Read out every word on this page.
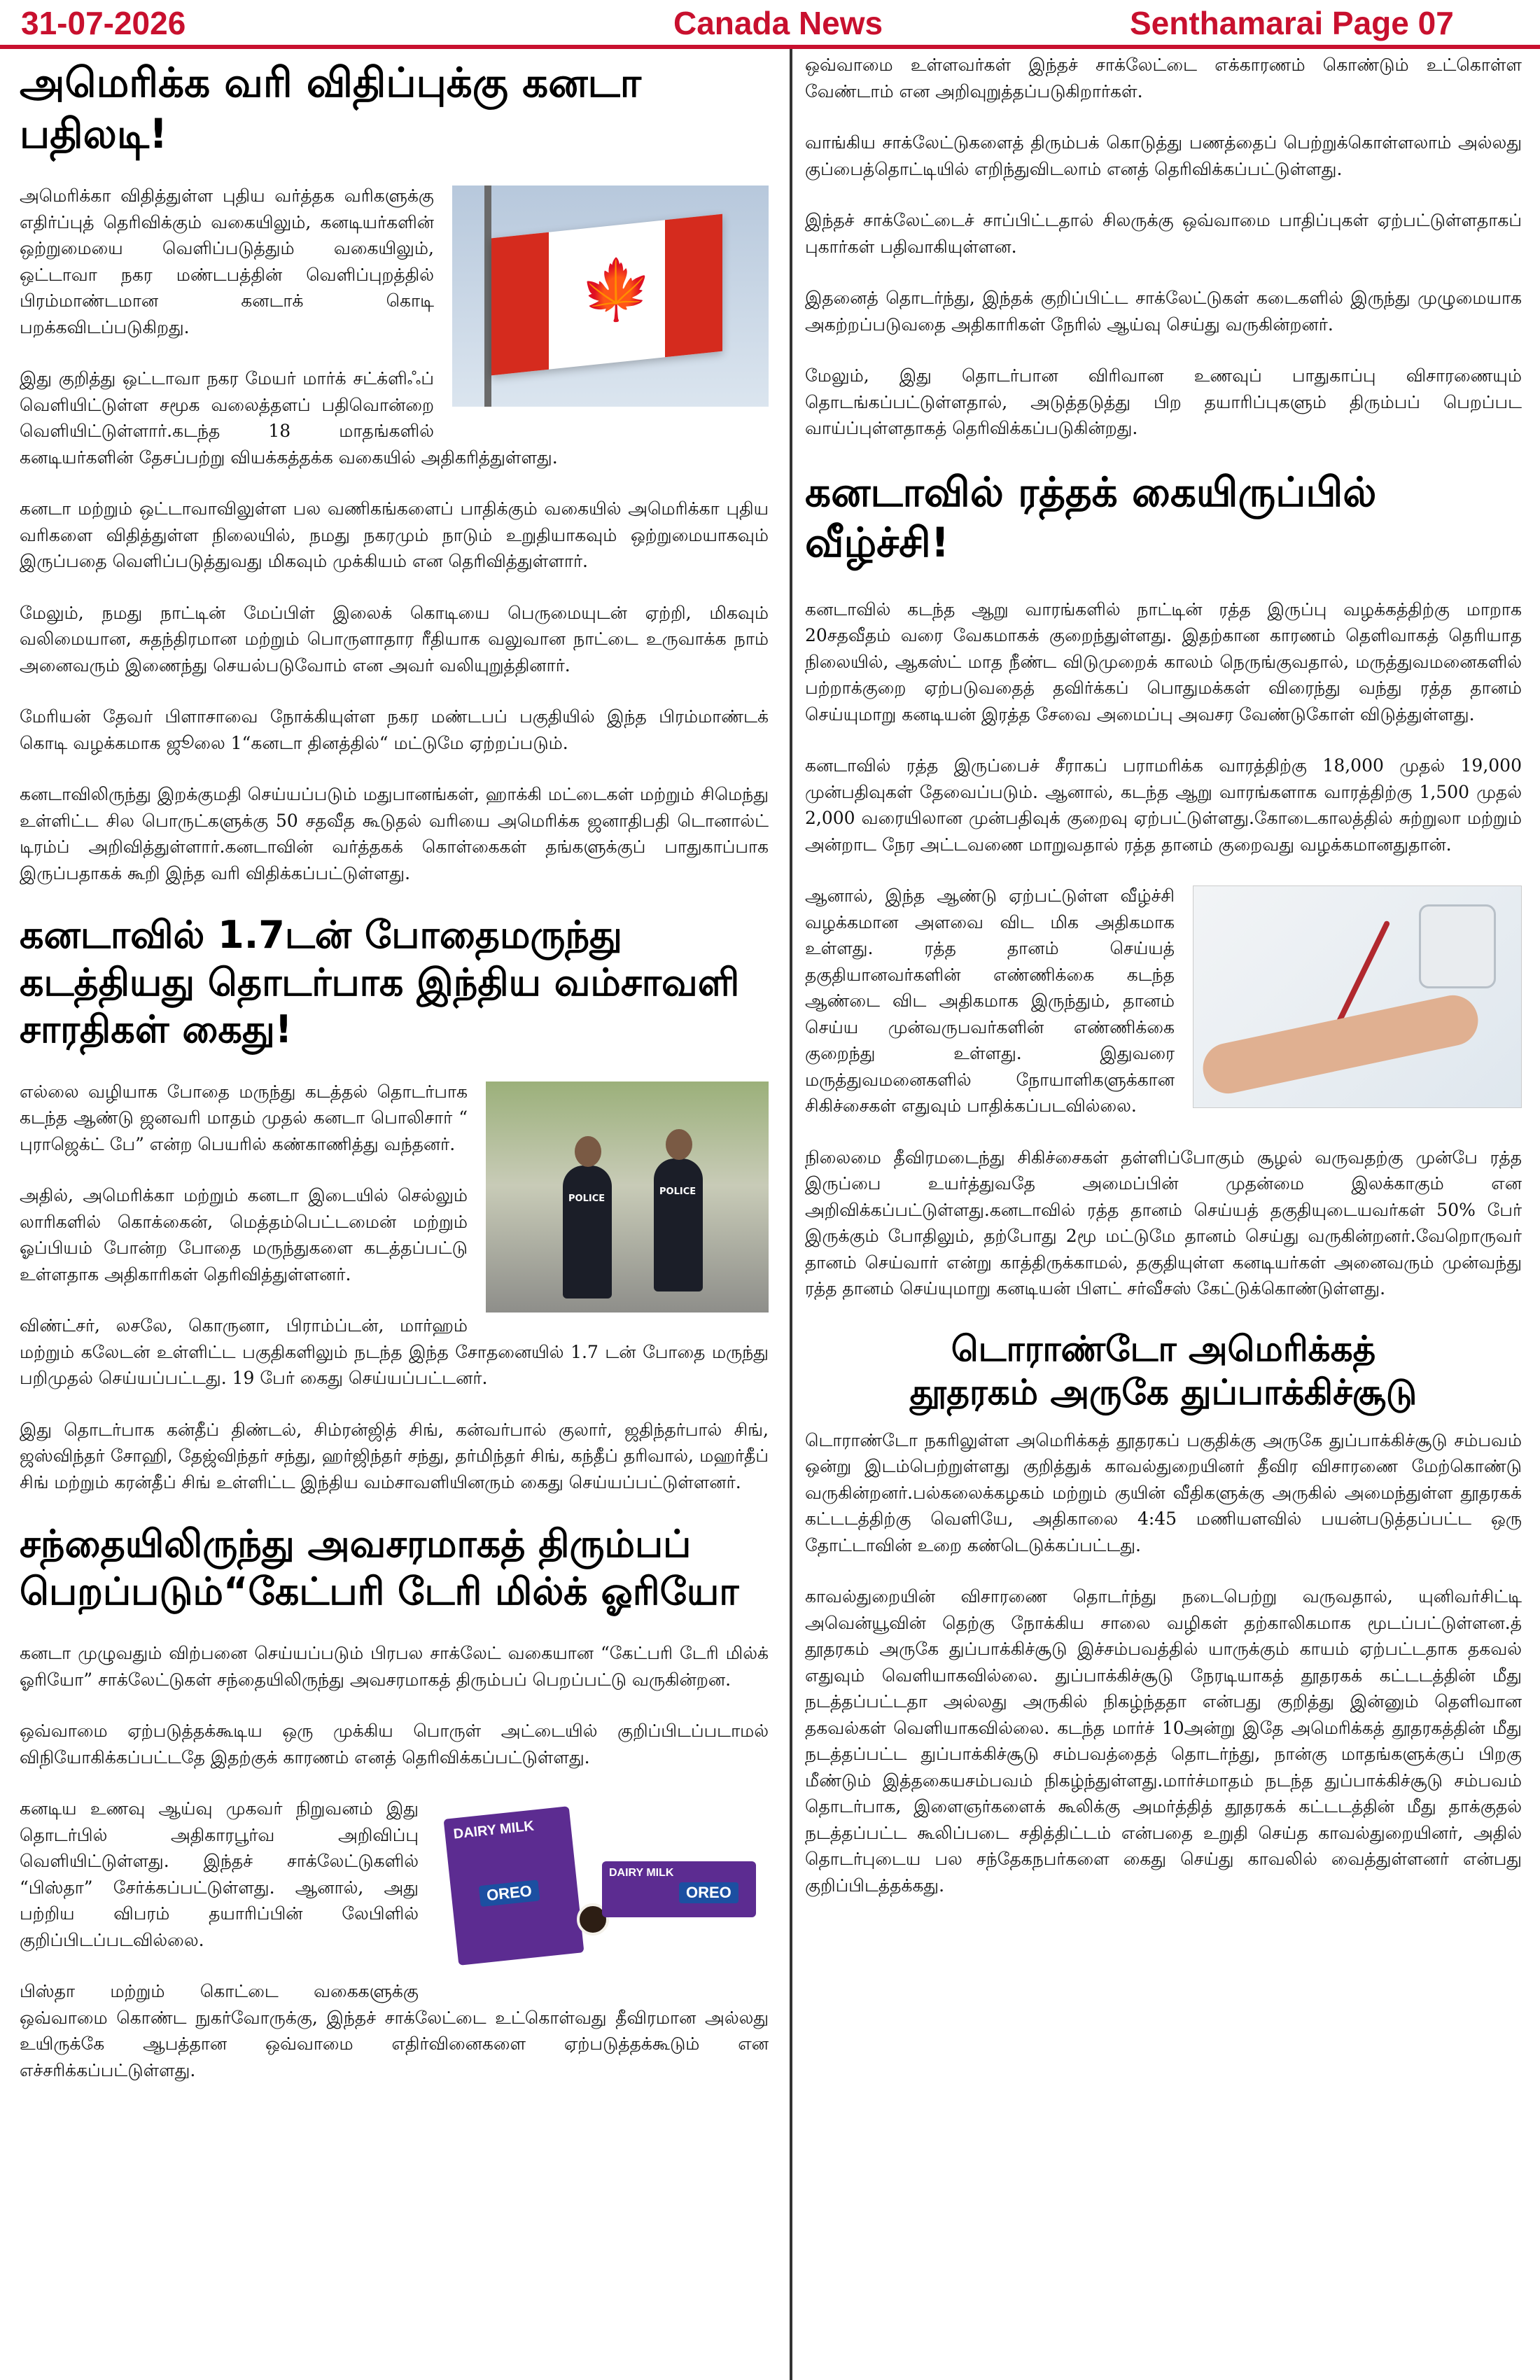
31-07-2026	Canada News	Senthamarai Page 07
அமெரிக்க வரி விதிப்புக்கு கனடா பதிலடி!
🍁

அமெரிக்கா விதித்துள்ள புதிய வர்த்தக வரிகளுக்கு எதிர்ப்புத் தெரிவிக்கும் வகையிலும், கனடியர்களின் ஒற்றுமையை வெளிப்படுத்தும் வகையிலும், ஒட்டாவா நகர மண்டபத்தின் வெளிப்புறத்தில் பிரம்மாண்டமான கனடாக் கொடி பறக்கவிடப்படுகிறது.

இது குறித்து ஒட்டாவா நகர மேயர் மார்க் சட்க்ளிஃப் வெளியிட்டுள்ள சமூக வலைத்தளப் பதிவொன்றை வெளியிட்டுள்ளார்.கடந்த 18 மாதங்களில் கனடியர்களின் தேசப்பற்று வியக்கத்தக்க வகையில் அதிகரித்துள்ளது.

கனடா மற்றும் ஒட்டாவாவிலுள்ள பல வணிகங்களைப் பாதிக்கும் வகையில் அமெரிக்கா புதிய வரிகளை விதித்துள்ள நிலையில், நமது நகரமும் நாடும் உறுதியாகவும் ஒற்றுமையாகவும் இருப்பதை வெளிப்படுத்துவது மிகவும் முக்கியம் என தெரிவித்துள்ளார்.

மேலும், நமது நாட்டின் மேப்பிள் இலைக் கொடியை பெருமையுடன் ஏற்றி, மிகவும் வலிமையான, சுதந்திரமான மற்றும் பொருளாதார ரீதியாக வலுவான நாட்டை உருவாக்க நாம் அனைவரும் இணைந்து செயல்படுவோம் என அவர் வலியுறுத்தினார்.

மேரியன் தேவர் பிளாசாவை நோக்கியுள்ள நகர மண்டபப் பகுதியில் இந்த பிரம்மாண்டக் கொடி வழக்கமாக ஜூலை 1“கனடா தினத்தில்“ மட்டுமே ஏற்றப்படும்.

கனடாவிலிருந்து இறக்குமதி செய்யப்படும் மதுபானங்கள், ஹாக்கி மட்டைகள் மற்றும் சிமெந்து உள்ளிட்ட சில பொருட்களுக்கு 50 சதவீத கூடுதல் வரியை அமெரிக்க ஜனாதிபதி டொனால்ட் டிரம்ப் அறிவித்துள்ளார்.கனடாவின் வர்த்தகக் கொள்கைகள் தங்களுக்குப் பாதுகாப்பாக இருப்பதாகக் கூறி இந்த வரி விதிக்கப்பட்டுள்ளது.

கனடாவில் 1.7டன் போதைமருந்து கடத்தியது தொடர்பாக இந்திய வம்சாவளி சாரதிகள் கைது!
POLICE
POLICE

எல்லை வழியாக போதை மருந்து கடத்தல் தொடர்பாக கடந்த ஆண்டு ஜனவரி மாதம் முதல் கனடா பொலிசார் “ புராஜெக்ட் பே” என்ற பெயரில் கண்காணித்து வந்தனர்.

அதில், அமெரிக்கா மற்றும் கனடா இடையில் செல்லும் லாரிகளில் கொக்கைன், மெத்தம்பெட்டமைன் மற்றும் ஓப்பியம் போன்ற போதை மருந்துகளை கடத்தப்பட்டு உள்ளதாக அதிகாரிகள் தெரிவித்துள்ளனர்.

விண்ட்சர், லசலே, கொருனா, பிராம்ப்டன், மார்ஹம் மற்றும் கலேடன் உள்ளிட்ட பகுதிகளிலும் நடந்த இந்த சோதனையில் 1.7 டன் போதை மருந்து பறிமுதல் செய்யப்பட்டது. 19 பேர் கைது செய்யப்பட்டனர்.

இது தொடர்பாக கன்தீப் திண்டல், சிம்ரன்ஜித் சிங், கன்வர்பால் குலார், ஜதிந்தர்பால் சிங், ஜஸ்விந்தர் சோஹி, தேஜ்விந்தர் சந்து, ஹர்ஜிந்தர் சந்து, தர்மிந்தர் சிங், கந்தீப் தரிவால், மஹர்தீப் சிங் மற்றும் கரன்தீப் சிங் உள்ளிட்ட இந்திய வம்சாவளியினரும் கைது செய்யப்பட்டுள்ளனர்.

சந்தையிலிருந்து அவசரமாகத் திரும்பப் பெறப்படும்“கேட்பரி டேரி மில்க் ஓரியோ

கனடா முழுவதும் விற்பனை செய்யப்படும் பிரபல சாக்லேட் வகையான “கேட்பரி டேரி மில்க் ஓரியோ” சாக்லேட்டுகள் சந்தையிலிருந்து அவசரமாகத் திரும்பப் பெறப்பட்டு வருகின்றன.

ஒவ்வாமை ஏற்படுத்தக்கூடிய ஒரு முக்கிய பொருள் அட்டையில் குறிப்பிடப்படாமல் விநியோகிக்கப்பட்டதே இதற்குக் காரணம் எனத் தெரிவிக்கப்பட்டுள்ளது.

DAIRY MILK
OREO
DAIRY MILK
OREO

கனடிய உணவு ஆய்வு முகவர் நிறுவனம் இது தொடர்பில் அதிகாரபூர்வ அறிவிப்பு வெளியிட்டுள்ளது. இந்தச் சாக்லேட்டுகளில் “பிஸ்தா” சேர்க்கப்பட்டுள்ளது. ஆனால், அது பற்றிய விபரம் தயாரிப்பின் லேபிளில் குறிப்பிடப்படவில்லை.

பிஸ்தா மற்றும் கொட்டை வகைகளுக்கு ஒவ்வாமை கொண்ட நுகர்வோருக்கு, இந்தச் சாக்லேட்டை உட்கொள்வது தீவிரமான அல்லது உயிருக்கே ஆபத்தான ஒவ்வாமை எதிர்வினைகளை ஏற்படுத்தக்கூடும் என எச்சரிக்கப்பட்டுள்ளது.

ஒவ்வாமை உள்ளவர்கள் இந்தச் சாக்லேட்டை எக்காரணம் கொண்டும் உட்கொள்ள வேண்டாம் என அறிவுறுத்தப்படுகிறார்கள்.

வாங்கிய சாக்லேட்டுகளைத் திரும்பக் கொடுத்து பணத்தைப் பெற்றுக்கொள்ளலாம் அல்லது குப்பைத்தொட்டியில் எறிந்துவிடலாம் எனத் தெரிவிக்கப்பட்டுள்ளது.

இந்தச் சாக்லேட்டைச் சாப்பிட்டதால் சிலருக்கு ஒவ்வாமை பாதிப்புகள் ஏற்பட்டுள்ளதாகப் புகார்கள் பதிவாகியுள்ளன.

இதனைத் தொடர்ந்து, இந்தக் குறிப்பிட்ட சாக்லேட்டுகள் கடைகளில் இருந்து முழுமையாக அகற்றப்படுவதை அதிகாரிகள் நேரில் ஆய்வு செய்து வருகின்றனர்.

மேலும், இது தொடர்பான விரிவான உணவுப் பாதுகாப்பு விசாரணையும் தொடங்கப்பட்டுள்ளதால், அடுத்தடுத்து பிற தயாரிப்புகளும் திரும்பப் பெறப்பட வாய்ப்புள்ளதாகத் தெரிவிக்கப்படுகின்றது.

கனடாவில் ரத்தக் கையிருப்பில் வீழ்ச்சி!

கனடாவில் கடந்த ஆறு வாரங்களில் நாட்டின் ரத்த இருப்பு வழக்கத்திற்கு மாறாக 20சதவீதம் வரை வேகமாகக் குறைந்துள்ளது. இதற்கான காரணம் தெளிவாகத் தெரியாத நிலையில், ஆகஸ்ட் மாத நீண்ட விடுமுறைக் காலம் நெருங்குவதால், மருத்துவமனைகளில் பற்றாக்குறை ஏற்படுவதைத் தவிர்க்கப் பொதுமக்கள் விரைந்து வந்து ரத்த தானம் செய்யுமாறு கனடியன் இரத்த சேவை அமைப்பு அவசர வேண்டுகோள் விடுத்துள்ளது.

கனடாவில் ரத்த இருப்பைச் சீராகப் பராமரிக்க வாரத்திற்கு 18,000 முதல் 19,000 முன்பதிவுகள் தேவைப்படும். ஆனால், கடந்த ஆறு வாரங்களாக வாரத்திற்கு 1,500 முதல் 2,000 வரையிலான முன்பதிவுக் குறைவு ஏற்பட்டுள்ளது.கோடைகாலத்தில் சுற்றுலா மற்றும் அன்றாட நேர அட்டவணை மாறுவதால் ரத்த தானம் குறைவது வழக்கமானதுதான்.

ஆனால், இந்த ஆண்டு ஏற்பட்டுள்ள வீழ்ச்சி வழக்கமான அளவை விட மிக அதிகமாக உள்ளது. ரத்த தானம் செய்யத் தகுதியானவர்களின் எண்ணிக்கை கடந்த ஆண்டை விட அதிகமாக இருந்தும், தானம் செய்ய முன்வருபவர்களின் எண்ணிக்கை குறைந்து உள்ளது. இதுவரை மருத்துவமனைகளில் நோயாளிகளுக்கான சிகிச்சைகள் எதுவும் பாதிக்கப்படவில்லை.

நிலைமை தீவிரமடைந்து சிகிச்சைகள் தள்ளிப்போகும் சூழல் வருவதற்கு முன்பே ரத்த இருப்பை உயர்த்துவதே அமைப்பின் முதன்மை இலக்காகும் என அறிவிக்கப்பட்டுள்ளது.கனடாவில் ரத்த தானம் செய்யத் தகுதியுடையவர்கள் 50% பேர் இருக்கும் போதிலும், தற்போது 2மூ மட்டுமே தானம் செய்து வருகின்றனர்.வேறொருவர் தானம் செய்வார் என்று காத்திருக்காமல், தகுதியுள்ள கனடியர்கள் அனைவரும் முன்வந்து ரத்த தானம் செய்யுமாறு கனடியன் பிளட் சர்வீசஸ் கேட்டுக்கொண்டுள்ளது.

டொராண்டோ அமெரிக்கத்
தூதரகம் அருகே துப்பாக்கிச்சூடு

டொராண்டோ நகரிலுள்ள அமெரிக்கத் தூதரகப் பகுதிக்கு அருகே துப்பாக்கிச்சூடு சம்பவம் ஒன்று இடம்பெற்றுள்ளது குறித்துக் காவல்துறையினர் தீவிர விசாரணை மேற்கொண்டு வருகின்றனர்.பல்கலைக்கழகம் மற்றும் குயின் வீதிகளுக்கு அருகில் அமைந்துள்ள தூதரகக் கட்டடத்திற்கு வெளியே, அதிகாலை 4:45 மணியளவில் பயன்படுத்தப்பட்ட ஒரு தோட்டாவின் உறை கண்டெடுக்கப்பட்டது.

காவல்துறையின் விசாரணை தொடர்ந்து நடைபெற்று வருவதால், யுனிவர்சிட்டி அவென்யூவின் தெற்கு நோக்கிய சாலை வழிகள் தற்காலிகமாக மூடப்பட்டுள்ளன.த் தூதரகம் அருகே துப்பாக்கிச்சூடு இச்சம்பவத்தில் யாருக்கும் காயம் ஏற்பட்டதாக தகவல் எதுவும் வெளியாகவில்லை. துப்பாக்கிச்சூடு நேரடியாகத் தூதரகக் கட்டடத்தின் மீது நடத்தப்பட்டதா அல்லது அருகில் நிகழ்ந்ததா என்பது குறித்து இன்னும் தெளிவான தகவல்கள் வெளியாகவில்லை. கடந்த மார்ச் 10அன்று இதே அமெரிக்கத் தூதரகத்தின் மீது நடத்தப்பட்ட துப்பாக்கிச்சூடு சம்பவத்தைத் தொடர்ந்து, நான்கு மாதங்களுக்குப் பிறகு மீண்டும் இத்தகையசம்பவம் நிகழ்ந்துள்ளது.மார்ச்மாதம் நடந்த துப்பாக்கிச்சூடு சம்பவம் தொடர்பாக, இளைஞர்களைக் கூலிக்கு அமர்த்தித் தூதரகக் கட்டடத்தின் மீது தாக்குதல் நடத்தப்பட்ட கூலிப்படை சதித்திட்டம் என்பதை உறுதி செய்த காவல்துறையினர், அதில் தொடர்புடைய பல சந்தேகநபர்களை கைது செய்து காவலில் வைத்துள்ளனர் என்பது குறிப்பிடத்தக்கது.
